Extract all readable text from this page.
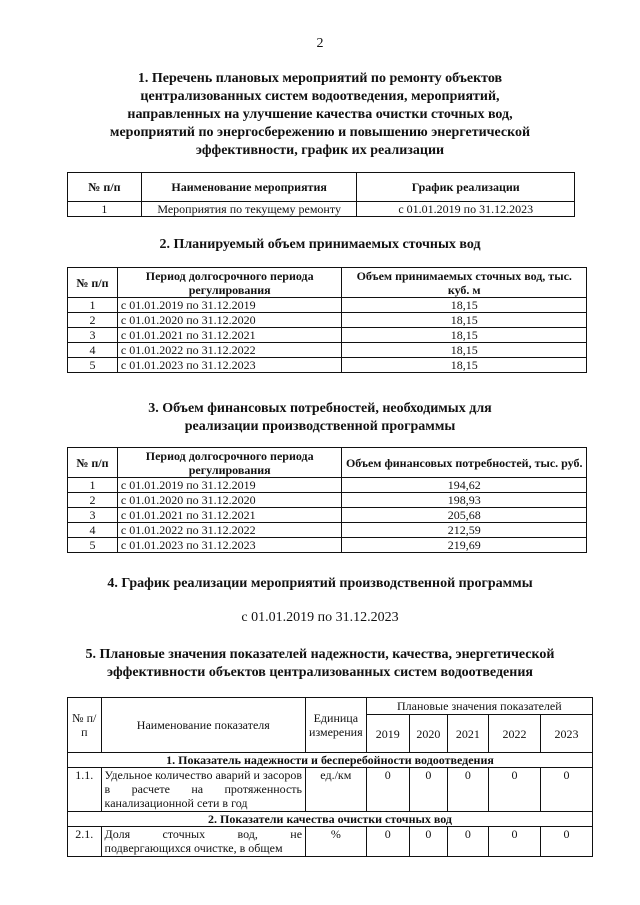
2
1. Перечень плановых мероприятий по ремонту объектов
централизованных систем водоотведения, мероприятий,
направленных на улучшение качества очистки сточных вод,
мероприятий по энергосбережению и повышению энергетической
эффективности, график их реализации
№ п/п	Наименование мероприятия	График реализации
1	Мероприятия по текущему ремонту	с 01.01.2019 по 31.12.2023
2. Планируемый объем принимаемых сточных вод
№ п/п	Период долгосрочного периода регулирования	Объем принимаемых сточных вод, тыс. куб. м
1	с 01.01.2019 по 31.12.2019	18,15
2	с 01.01.2020 по 31.12.2020	18,15
3	с 01.01.2021 по 31.12.2021	18,15
4	с 01.01.2022 по 31.12.2022	18,15
5	с 01.01.2023 по 31.12.2023	18,15
3. Объем финансовых потребностей, необходимых для
реализации производственной программы
№ п/п	Период долгосрочного периода регулирования	Объем финансовых потребностей, тыс. руб.
1	с 01.01.2019 по 31.12.2019	194,62
2	с 01.01.2020 по 31.12.2020	198,93
3	с 01.01.2021 по 31.12.2021	205,68
4	с 01.01.2022 по 31.12.2022	212,59
5	с 01.01.2023 по 31.12.2023	219,69
4. График реализации мероприятий производственной программы
с 01.01.2019 по 31.12.2023
5. Плановые значения показателей надежности, качества, энергетической
эффективности объектов централизованных систем водоотведения
№ п/п	Наименование показателя	Единица измерения	Плановые значения показателей				
			2019	2020	2021	2022	2023
1. Показатель надежности и бесперебойности водоотведения							
1.1.	Удельное количество аварий и засоров в расчете на протяженность канализационной сети в год	ед./км	0	0	0	0	0
2. Показатели качества очистки сточных вод							
2.1.	Доля сточных вод, не подвергающихся очистке, в общем	%	0	0	0	0	0
